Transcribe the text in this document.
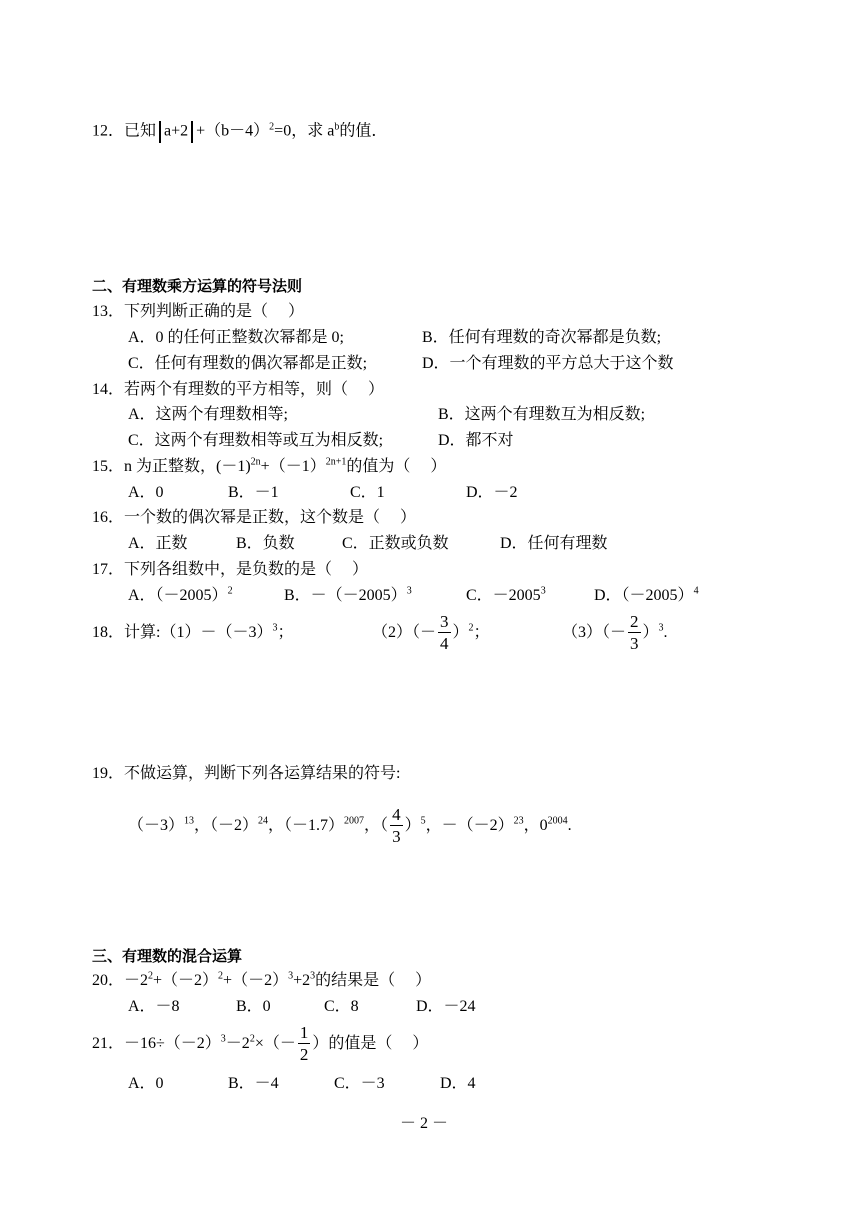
12．已知 $a+2 +(b-4)^2=0$，求 $a^b$的值．
二、有理数乘方运算的符号法则
13．下列判断正确的是（　 ）
A．0 的任何正整数次幂都是 0;	B．任何有理数的奇次幂都是负数;
C．任何有理数的偶次幂都是正数;	D．一个有理数的平方总大于这个数
14．若两个有理数的平方相等，则（　 ）
A．这两个有理数相等;	B．这两个有理数互为相反数;
C．这两个有理数相等或互为相反数;	D．都不对
15．n 为正整数，$(-1)^{2n}+(-1)^{2n+1}$的值为（　 ）
A．0	B．－1	C．1	D．－2
16．一个数的偶次幂是正数，这个数是（　 ）
A．正数	B．负数	C．正数或负数	D．任何有理数
17．下列各组数中，是负数的是（　 ）
A．$(-2005)^2$	B．$-(-2005)^3$	C．$-2005^3$	D．$(-2005)^4$
18．计算$:(1)-(-3)^3$；	$(2)(- \frac{3}{4} )^2$；	$(3)(- \frac{2}{3} )^3$.
19．不做运算，判断下列各运算结果的符号:
$(-3)^{13}$，$(-2)^{24}$，$(-1.7)^{2007}$，（ $\frac{4}{3} )^5$，$-(-2)^{23}$，$0^{2004}$.
三、有理数的混合运算
20．$-2^2+(-2)^2+(-2)^3+2^3$的结果是（　 ）
A．－8	B．0	C．8	D．－24
21．$-16\div(-2)^3-2^2\times(- \frac{1}{2}$ ）的值是（　 ）
A．0	B．－4	C．－3	D．4
－ 2 －
